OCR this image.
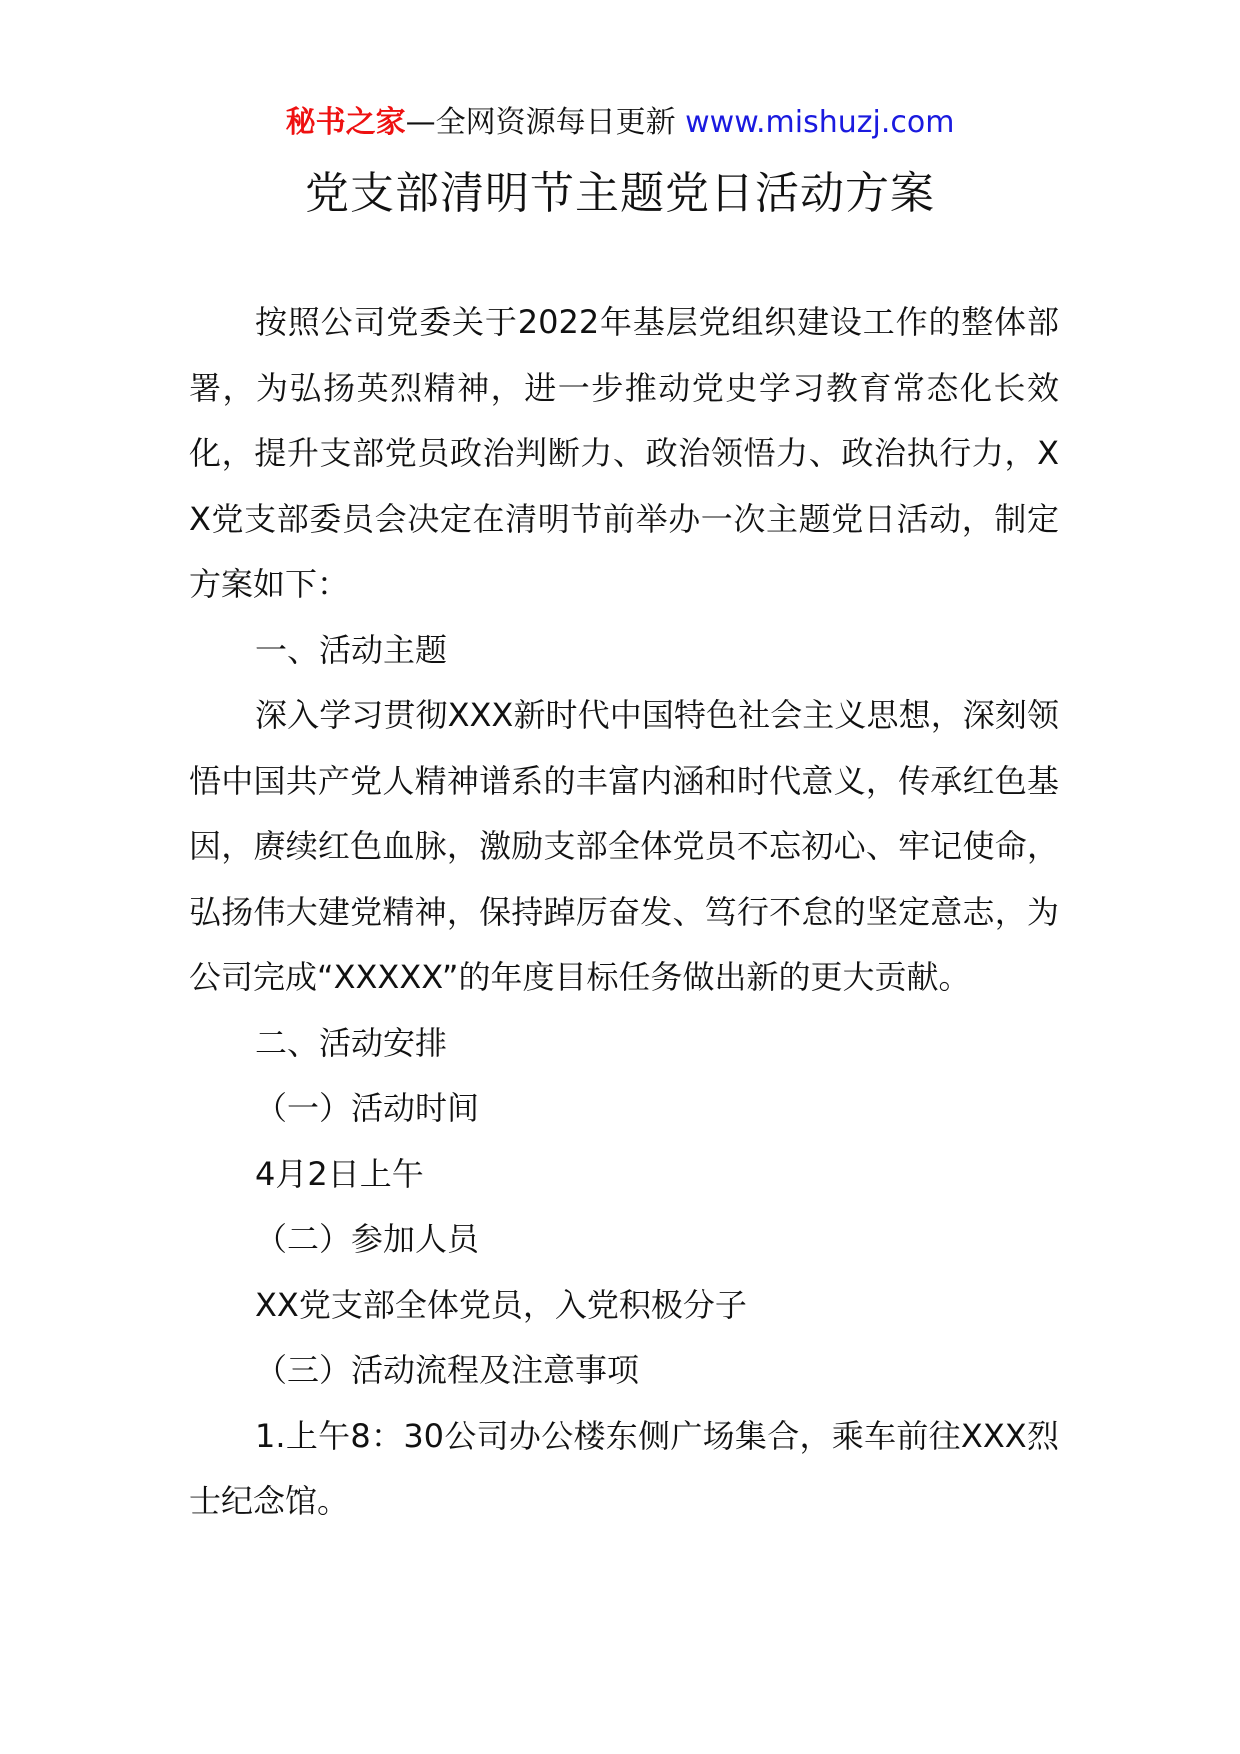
秘书之家—全网资源每日更新 www.mishuzj.com
党支部清明节主题党日活动方案

按照公司党委关于2022年基层党组织建设工作的整体部署，为弘扬英烈精神，进一步推动党史学习教育常态化长效化，提升支部党员政治判断力、政治领悟力、政治执行力，XX党支部委员会决定在清明节前举办一次主题党日活动，制定方案如下：

一、活动主题

深入学习贯彻XXX新时代中国特色社会主义思想，深刻领悟中国共产党人精神谱系的丰富内涵和时代意义，传承红色基因，赓续红色血脉，激励支部全体党员不忘初心、牢记使命，弘扬伟大建党精神，保持踔厉奋发、笃行不怠的坚定意志，为公司完成“XXXXX”的年度目标任务做出新的更大贡献。

二、活动安排

（一）活动时间

4月2日上午

（二）参加人员

XX党支部全体党员，入党积极分子

（三）活动流程及注意事项

1.上午8：30公司办公楼东侧广场集合，乘车前往XXX烈士纪念馆。
